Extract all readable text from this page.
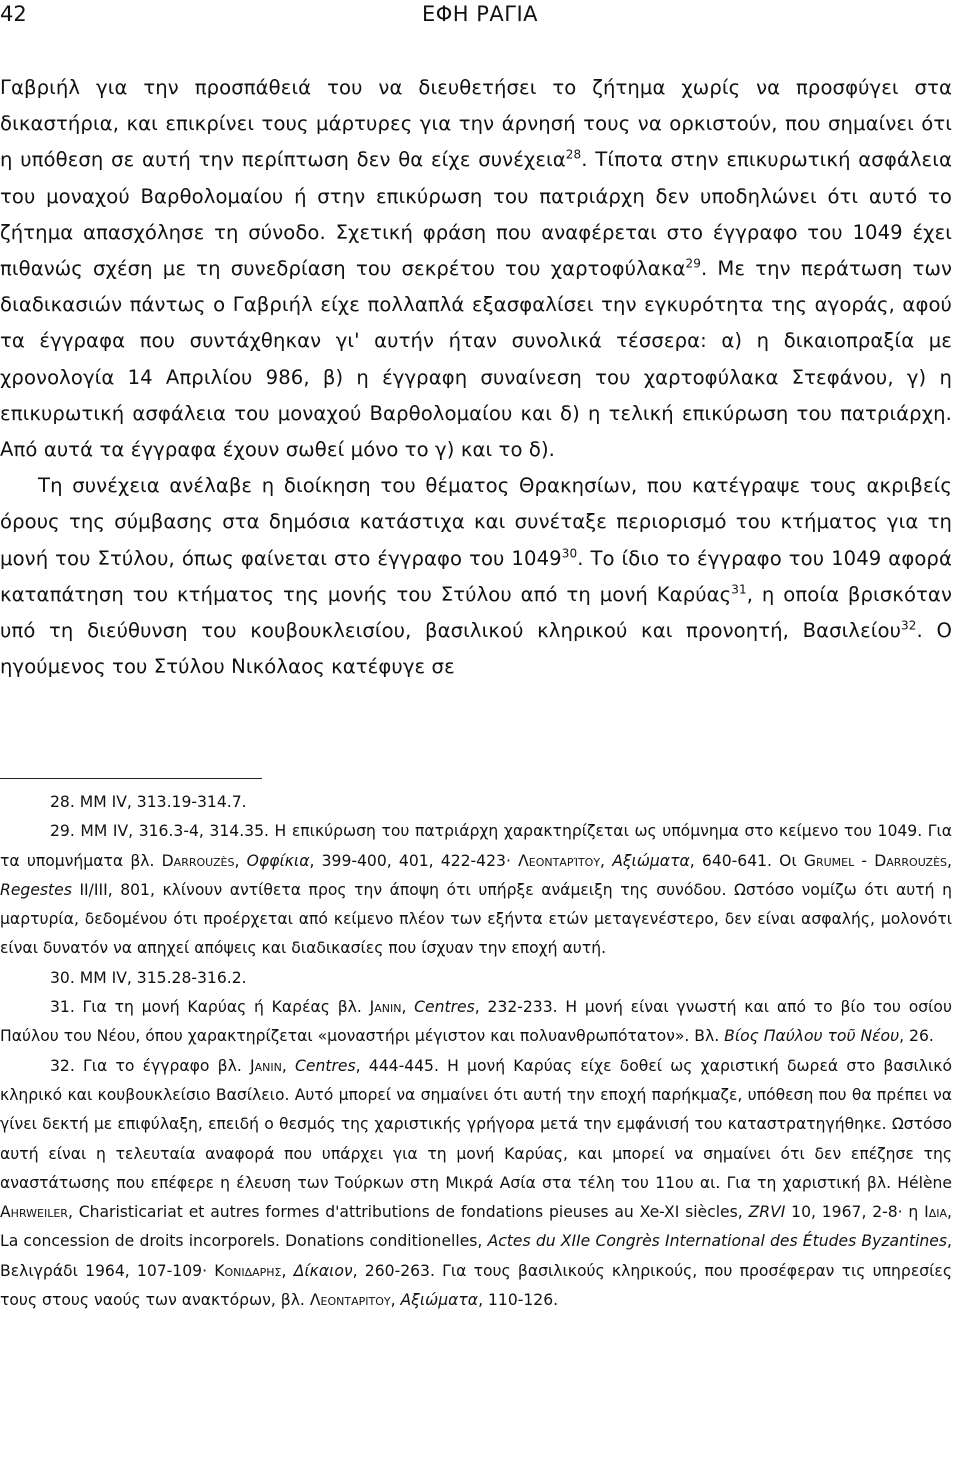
42	ΕΦΗ ΡΑΓΙΑ

Γαβριήλ για την προσπάθειά του να διευθετήσει το ζήτημα χωρίς να προσφύγει στα δικαστήρια, και επικρίνει τους μάρτυρες για την άρνησή τους να ορκιστούν, που σημαίνει ότι η υπόθεση σε αυτή την περίπτωση δεν θα είχε συνέχεια$^{28}$. Τίποτα στην επικυρωτική ασφάλεια του μοναχού Βαρθολομαίου ή στην επικύρωση του πατριάρχη δεν υποδηλώνει ότι αυτό το ζήτημα απασχόλησε τη σύνοδο. Σχετική φράση που αναφέρεται στο έγγραφο του 1049 έχει πιθανώς σχέση με τη συνεδρίαση του σεκρέτου του χαρτοφύλακα$^{29}$. Με την περάτωση των διαδικασιών πάντως ο Γαβριήλ είχε πολλαπλά εξασφαλίσει την εγκυρότητα της αγοράς, αφού τα έγγραφα που συντάχθηκαν γι' αυτήν ήταν συνολικά τέσσερα: α) η δικαιοπραξία με χρονολογία 14 Απριλίου 986, β) η έγγραφη συναίνεση του χαρτοφύλακα Στεφάνου, γ) η επικυρωτική ασφάλεια του μοναχού Βαρθολομαίου και δ) η τελική επικύρωση του πατριάρχη. Από αυτά τα έγγραφα έχουν σωθεί μόνο το γ) και το δ).

Τη συνέχεια ανέλαβε η διοίκηση του θέματος Θρακησίων, που κατέγραψε τους ακριβείς όρους της σύμβασης στα δημόσια κατάστιχα και συνέταξε περιορισμό του κτήματος για τη μονή του Στύλου, όπως φαίνεται στο έγγραφο του 1049$^{30}$. Το ίδιο το έγγραφο του 1049 αφορά καταπάτηση του κτήματος της μονής του Στύλου από τη μονή Καρύας$^{31}$, η οποία βρισκόταν υπό τη διεύθυνση του κουβουκλεισίου, βασιλικού κληρικού και προνοητή, Βασιλείου$^{32}$. Ο ηγούμενος του Στύλου Νικόλαος κατέφυγε σε

28. MM IV, 313.19-314.7.

29. MM IV, 316.3-4, 314.35. Η επικύρωση του πατριάρχη χαρακτηρίζεται ως υπόμνημα στο κείμενο του 1049. Για τα υπομνήματα βλ. Darrouzès, Οφφίκια, 399-400, 401, 422-423· Λεονταρίτου, Αξιώματα, 640-641. Οι Grumel - Darrouzès, Regestes II/III, 801, κλίνουν αντίθετα προς την άποψη ότι υπήρξε ανάμειξη της συνόδου. Ωστόσο νομίζω ότι αυτή η μαρτυρία, δεδομένου ότι προέρχεται από κείμενο πλέον των εξήντα ετών μεταγενέστερο, δεν είναι ασφαλής, μολονότι είναι δυνατόν να απηχεί απόψεις και διαδικασίες που ίσχυαν την εποχή αυτή.

30. MM IV, 315.28-316.2.

31. Για τη μονή Καρύας ή Καρέας βλ. Janin, Centres, 232-233. Η μονή είναι γνωστή και από το βίο του οσίου Παύλου του Νέου, όπου χαρακτηρίζεται «μοναστήρι μέγιστον και πολυανθρωπότατον». Βλ. Βίος Παύλου τοῦ Νέου, 26.

32. Για το έγγραφο βλ. Janin, Centres, 444-445. Η μονή Καρύας είχε δοθεί ως χαριστική δωρεά στο βασιλικό κληρικό και κουβουκλείσιο Βασίλειο. Αυτό μπορεί να σημαίνει ότι αυτή την εποχή παρήκμαζε, υπόθεση που θα πρέπει να γίνει δεκτή με επιφύλαξη, επειδή ο θεσμός της χαριστικής γρήγορα μετά την εμφάνισή του καταστρατηγήθηκε. Ωστόσο αυτή είναι η τελευταία αναφορά που υπάρχει για τη μονή Καρύας, και μπορεί να σημαίνει ότι δεν επέζησε της αναστάτωσης που επέφερε η έλευση των Τούρκων στη Μικρά Ασία στα τέλη του 11ου αι. Για τη χαριστική βλ. Hélène Ahrweiler, Charisticariat et autres formes d'attributions de fondations pieuses au Xe-XI siècles, ZRVI 10, 1967, 2-8· η Ιδια, La concession de droits incorporels. Donations conditionelles, Actes du XIIe Congrès International des Études Byzantines, Βελιγράδι 1964, 107-109· Κονιδαρης, Δίκαιον, 260-263. Για τους βασιλικούς κληρικούς, που προσέφεραν τις υπηρεσίες τους στους ναούς των ανακτόρων, βλ. Λεονταριτου, Αξιώματα, 110-126.
